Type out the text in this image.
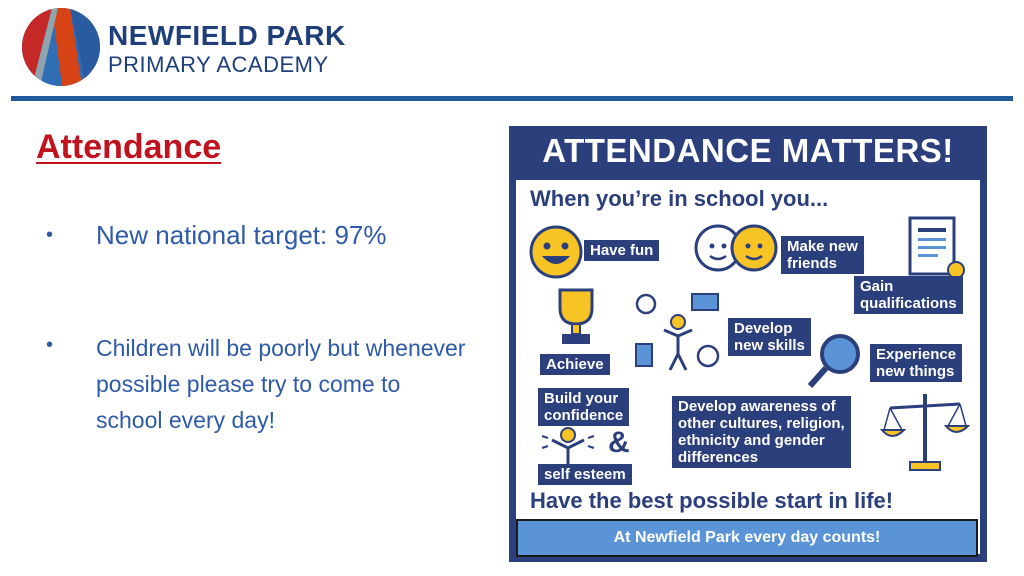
NEWFIELD PARK
PRIMARY ACADEMY
Attendance
• New national target: 97%
• Children will be poorly but whenever possible please try to come to school every day!
ATTENDANCE MATTERS!
When you’re in school you...
Have fun	Make new
friends
Gain
qualifications
Achieve
Develop
new skills
Experience
new things
Build your
confidence
&
self esteem
Develop awareness of
other cultures, religion,
ethnicity and gender
differences
Have the best possible start in life!
At Newfield Park every day counts!
